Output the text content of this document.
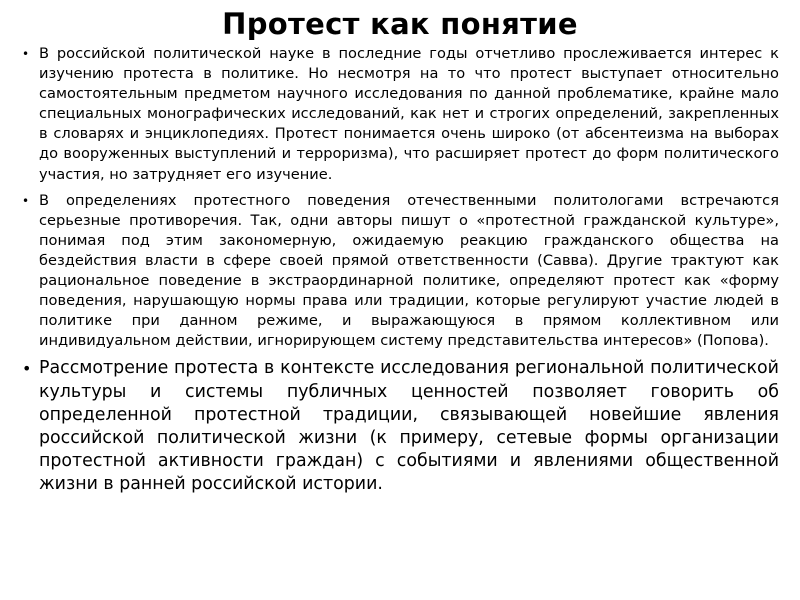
Протест как понятие
• В российской политической науке в последние годы отчетливо прослеживается интерес к изучению протеста в политике. Но несмотря на то что протест выступает относительно самостоятельным предметом научного исследования по данной проблематике, крайне мало специальных монографических исследований, как нет и строгих определений, закрепленных в словарях и энциклопедиях. Протест понимается очень широко (от абсентеизма на выборах до вооруженных выступлений и терроризма), что расширяет протест до форм политического участия, но затрудняет его изучение.
• В определениях протестного поведения отечественными политологами встречаются серьезные противоречия. Так, одни авторы пишут о «протестной гражданской культуре», понимая под этим закономерную, ожидаемую реакцию гражданского общества на бездействия власти в сфере своей прямой ответственности (Савва). Другие трактуют как рациональное поведение в экстраординарной политике, определяют протест как «форму поведения, нарушающую нормы права или традиции, которые регулируют участие людей в политике при данном режиме, и выражающуюся в прямом коллективном или индивидуальном действии, игнорирующем систему представительства интересов» (Попова).
• Рассмотрение протеста в контексте исследования региональной политической культуры и системы публичных ценностей позволяет говорить об определенной протестной традиции, связывающей новейшие явления российской политической жизни (к примеру, сетевые формы организации протестной активности граждан) с событиями и явлениями общественной жизни в ранней российской истории.
